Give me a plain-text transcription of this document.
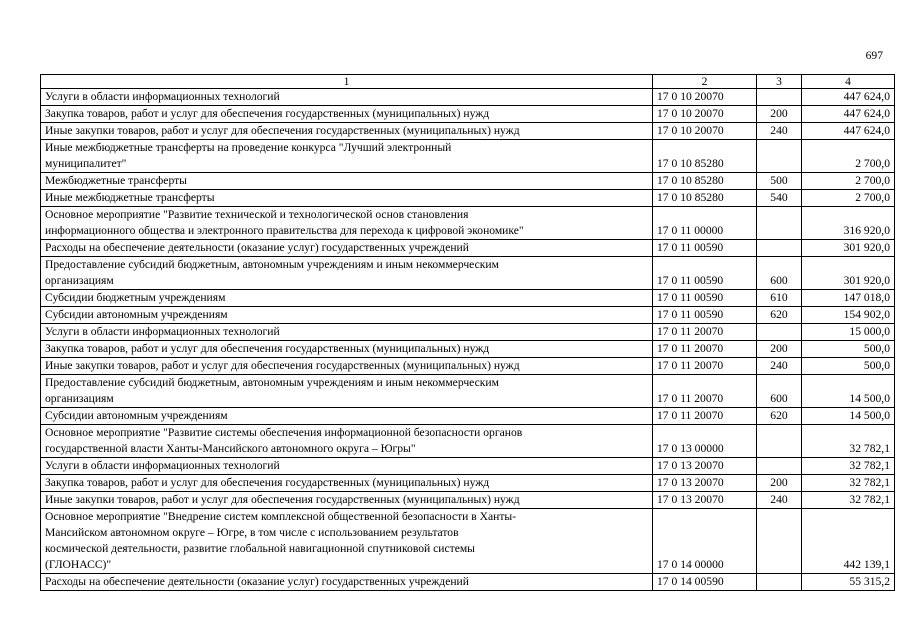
697
1	2	3	4
Услуги в области информационных технологий	17 0 10 20070		447 624,0
Закупка товаров, работ и услуг для обеспечения государственных (муниципальных) нужд	17 0 10 20070	200	447 624,0
Иные закупки товаров, работ и услуг для обеспечения государственных (муниципальных) нужд	17 0 10 20070	240	447 624,0
Иные межбюджетные трансферты на проведение конкурса "Лучший электронный
муниципалитет"	17 0 10 85280		2 700,0
Межбюджетные трансферты	17 0 10 85280	500	2 700,0
Иные межбюджетные трансферты	17 0 10 85280	540	2 700,0
Основное мероприятие "Развитие технической и технологической основ становления
информационного общества и электронного правительства для перехода к цифровой экономике"	17 0 11 00000		316 920,0
Расходы на обеспечение деятельности (оказание услуг) государственных учреждений	17 0 11 00590		301 920,0
Предоставление субсидий бюджетным, автономным учреждениям и иным некоммерческим
организациям	17 0 11 00590	600	301 920,0
Субсидии бюджетным учреждениям	17 0 11 00590	610	147 018,0
Субсидии автономным учреждениям	17 0 11 00590	620	154 902,0
Услуги в области информационных технологий	17 0 11 20070		15 000,0
Закупка товаров, работ и услуг для обеспечения государственных (муниципальных) нужд	17 0 11 20070	200	500,0
Иные закупки товаров, работ и услуг для обеспечения государственных (муниципальных) нужд	17 0 11 20070	240	500,0
Предоставление субсидий бюджетным, автономным учреждениям и иным некоммерческим
организациям	17 0 11 20070	600	14 500,0
Субсидии автономным учреждениям	17 0 11 20070	620	14 500,0
Основное мероприятие "Развитие системы обеспечения информационной безопасности органов
государственной власти Ханты-Мансийского автономного округа – Югры"	17 0 13 00000		32 782,1
Услуги в области информационных технологий	17 0 13 20070		32 782,1
Закупка товаров, работ и услуг для обеспечения государственных (муниципальных) нужд	17 0 13 20070	200	32 782,1
Иные закупки товаров, работ и услуг для обеспечения государственных (муниципальных) нужд	17 0 13 20070	240	32 782,1
Основное мероприятие "Внедрение систем комплексной общественной безопасности в Ханты-
Мансийском автономном округе – Югре, в том числе с использованием результатов
космической деятельности, развитие глобальной навигационной спутниковой системы
(ГЛОНАСС)"	17 0 14 00000		442 139,1
Расходы на обеспечение деятельности (оказание услуг) государственных учреждений	17 0 14 00590		55 315,2
